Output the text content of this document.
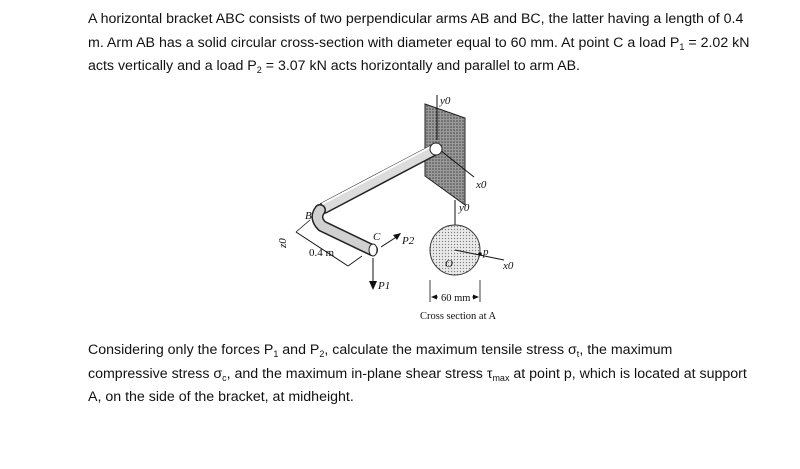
A horizontal bracket ABC consists of two perpendicular arms AB and BC, the latter having a length of 0.4
m. Arm AB has a solid circular cross-section with diameter equal to 60 mm. At point C a load $P_1 = 2.02$ kN
acts vertically and a load $P_2 = 3.07$ kN acts horizontally and parallel to arm AB.

y0
x0
B
C P2
P1
0.4 m
z0
y0
O
p
x0
60 mm
Cross section at A

Considering only the forces $P_1$ and $P_2$, calculate the maximum tensile stress $\sigma_t$, the maximum
compressive stress $\sigma_c$, and the maximum in-plane shear stress $\tau_{max}$ at point p, which is located at support
A, on the side of the bracket, at midheight.
